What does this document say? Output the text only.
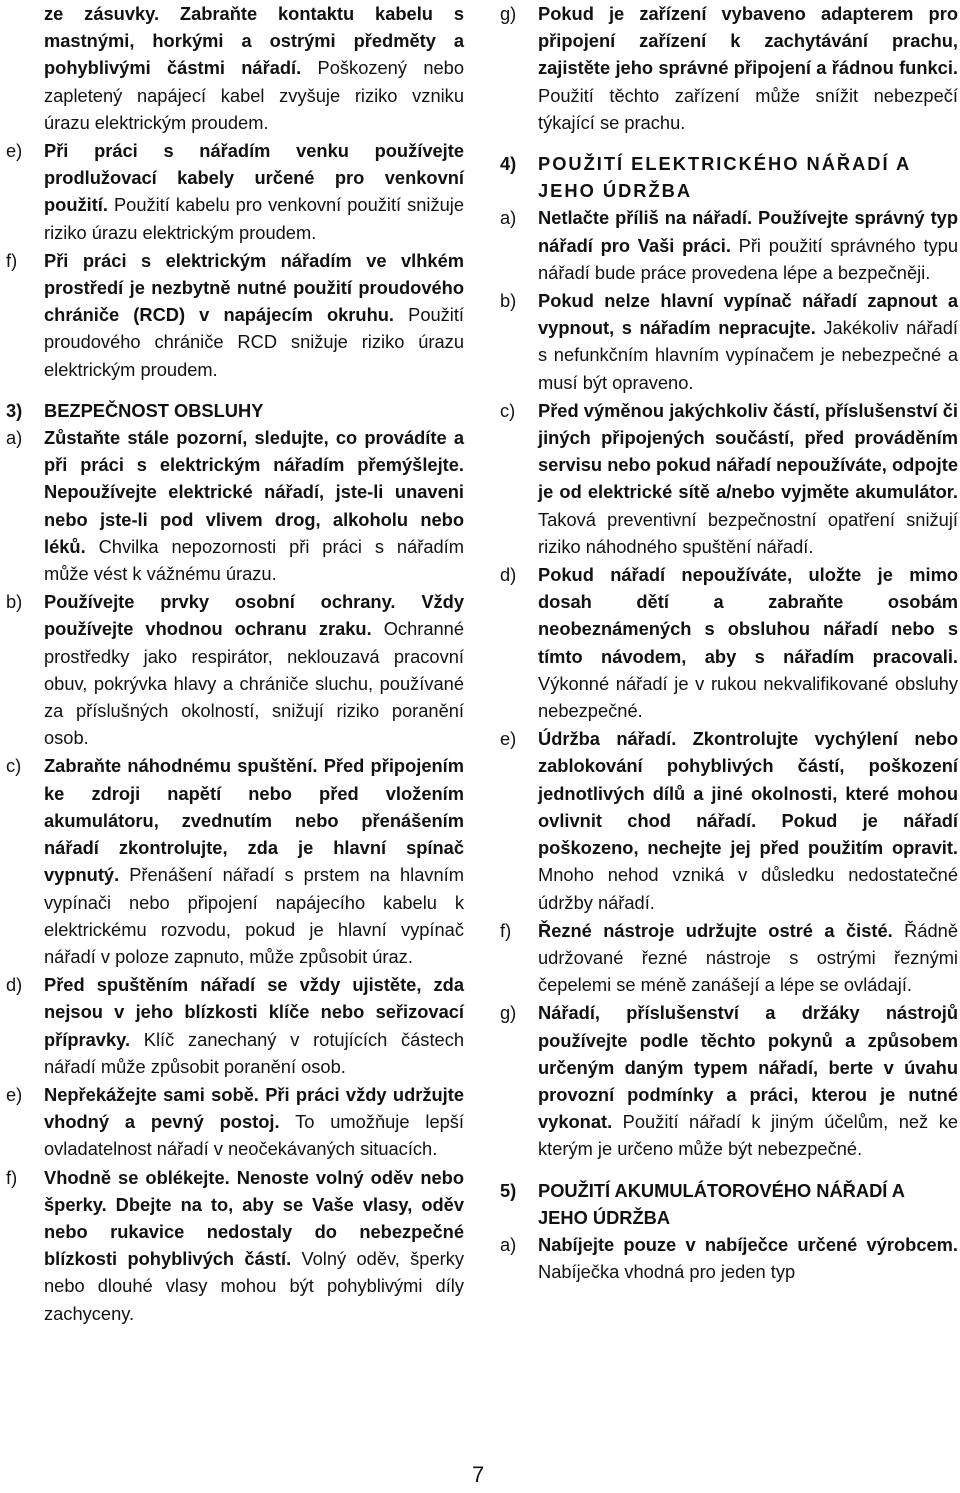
ze zásuvky. Zabraňte kontaktu kabelu s mastnými, horkými a ostrými předměty a pohyblivými částmi nářadí. Poškozený nebo zapletený napájecí kabel zvyšuje riziko vzniku úrazu elektrickým proudem.
e) Při práci s nářadím venku používejte prodlužovací kabely určené pro venkovní použití. Použití kabelu pro venkovní použití snižuje riziko úrazu elektrickým proudem.
f) Při práci s elektrickým nářadím ve vlhkém prostředí je nezbytně nutné použití proudového chrániče (RCD) v napájecím okruhu. Použití proudového chrániče RCD snižuje riziko úrazu elektrickým proudem.
3) BEZPEČNOST OBSLUHY
a) Zůstaňte stále pozorní, sledujte, co provádíte a při práci s elektrickým nářadím přemýšlejte. Nepoužívejte elektrické nářadí, jste-li unaveni nebo jste-li pod vlivem drog, alkoholu nebo léků. Chvilka nepozornosti při práci s nářadím může vést k vážnému úrazu.
b) Používejte prvky osobní ochrany. Vždy používejte vhodnou ochranu zraku. Ochranné prostředky jako respirátor, neklouzavá pracovní obuv, pokrývka hlavy a chrániče sluchu, používané za příslušných okolností, snižují riziko poranění osob.
c) Zabraňte náhodnému spuštění. Před připojením ke zdroji napětí nebo před vložením akumulátoru, zvednutím nebo přenášením nářadí zkontrolujte, zda je hlavní spínač vypnutý. Přenášení nářadí s prstem na hlavním vypínači nebo připojení napájecího kabelu k elektrickému rozvodu, pokud je hlavní vypínač nářadí v poloze zapnuto, může způsobit úraz.
d) Před spuštěním nářadí se vždy ujistěte, zda nejsou v jeho blízkosti klíče nebo seřizovací přípravky. Klíč zanechaný v rotujících částech nářadí může způsobit poranění osob.
e) Nepřekážejte sami sobě. Při práci vždy udržujte vhodný a pevný postoj. To umožňuje lepší ovladatelnost nářadí v neočekávaných situacích.
f) Vhodně se oblékejte. Nenoste volný oděv nebo šperky. Dbejte na to, aby se Vaše vlasy, oděv nebo rukavice nedostaly do nebezpečné blízkosti pohyblivých částí. Volný oděv, šperky nebo dlouhé vlasy mohou být pohyblivými díly zachyceny.
g) Pokud je zařízení vybaveno adapterem pro připojení zařízení k zachytávání prachu, zajistěte jeho správné připojení a řádnou funkci. Použití těchto zařízení může snížit nebezpečí týkající se prachu.
4) POUŽITÍ ELEKTRICKÉHO NÁŘADÍ A JEHO ÚDRŽBA
a) Netlačte příliš na nářadí. Používejte správný typ nářadí pro Vaši práci. Při použití správného typu nářadí bude práce provedena lépe a bezpečněji.
b) Pokud nelze hlavní vypínač nářadí zapnout a vypnout, s nářadím nepracujte. Jakékoliv nářadí s nefunkčním hlavním vypínačem je nebezpečné a musí být opraveno.
c) Před výměnou jakýchkoliv částí, příslušenství či jiných připojených součástí, před prováděním servisu nebo pokud nářadí nepoužíváte, odpojte je od elektrické sítě a/nebo vyjměte akumulátor. Taková preventivní bezpečnostní opatření snižují riziko náhodného spuštění nářadí.
d) Pokud nářadí nepoužíváte, uložte je mimo dosah dětí a zabraňte osobám neobeznámených s obsluhou nářadí nebo s tímto návodem, aby s nářadím pracovali. Výkonné nářadí je v rukou nekvalifikované obsluhy nebezpečné.
e) Údržba nářadí. Zkontrolujte vychýlení nebo zablokování pohyblivých částí, poškození jednotlivých dílů a jiné okolnosti, které mohou ovlivnit chod nářadí. Pokud je nářadí poškozeno, nechejte jej před použitím opravit. Mnoho nehod vzniká v důsledku nedostatečné údržby nářadí.
f) Řezné nástroje udržujte ostré a čisté. Řádně udržované řezné nástroje s ostrými řeznými čepelemi se méně zanášejí a lépe se ovládají.
g) Nářadí, příslušenství a držáky nástrojů používejte podle těchto pokynů a způsobem určeným daným typem nářadí, berte v úvahu provozní podmínky a práci, kterou je nutné vykonat. Použití nářadí k jiným účelům, než ke kterým je určeno může být nebezpečné.
5) POUŽITÍ AKUMULÁTOROVÉHO NÁŘADÍ A JEHO ÚDRŽBA
a) Nabíjejte pouze v nabíječce určené výrobcem. Nabíječka vhodná pro jeden typ
7
